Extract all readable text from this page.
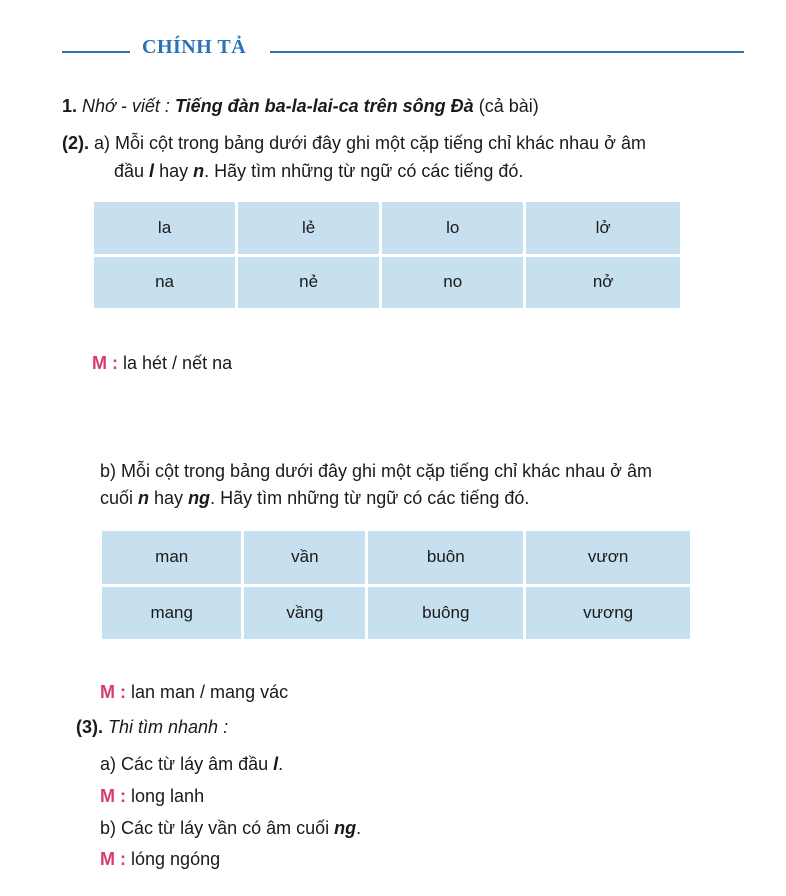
CHÍNH TẢ
1. Nhớ - viết : Tiếng đàn ba-la-lai-ca trên sông Đà (cả bài)
(2). a) Mỗi cột trong bảng dưới đây ghi một cặp tiếng chỉ khác nhau ở âm
đầu l hay n. Hãy tìm những từ ngữ có các tiếng đó.
la	lẻ	lo	lở
na	nẻ	no	nở
M : la hét / nết na
b) Mỗi cột trong bảng dưới đây ghi một cặp tiếng chỉ khác nhau ở âm
cuối n hay ng. Hãy tìm những từ ngữ có các tiếng đó.
man	vần	buôn	vươn
mang	vầng	buông	vương
M : lan man / mang vác
(3). Thi tìm nhanh :
a) Các từ láy âm đầu l.
M : long lanh
b) Các từ láy vần có âm cuối ng.
M : lóng ngóng
